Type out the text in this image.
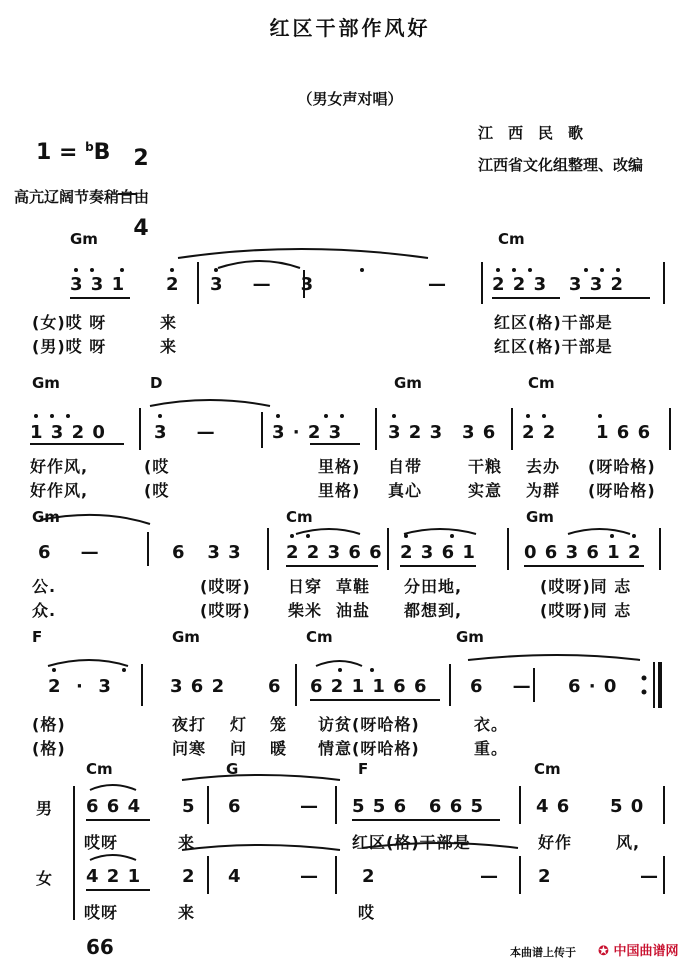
红区干部作风好
（男女声对唱）
1 = $^b$B	2

4

江　西　民　歌
江西省文化组整理、改编
高亢辽阔节奏稍自由
Gm	Cm
3 3 1 2 3    —    3	—	2 2 3   3 3 2
(女)哎 呀	来	红区(格)干部是
(男)哎 呀	来	红区(格)干部是
Gm	D	Gm	Cm
1 3 2 0	3    —	3 · 2 3	3 2 3 3 6 2 2 1 6 6
好作风,	(哎	里格) 自带	干粮 去办 (呀哈格)
好作风,	(哎	里格) 真心	实意 为群 (呀哈格)
Gm	Cm	Gm
6    —	6   3 3 2 2 3 6 6 2 3 6 1	0 6 3 6 1 2
公.	(哎呀) 日穿 草鞋 分田地,	(哎呀)同 志
众.	(哎呀) 柴米 油盐 都想到,	(哎呀)同 志
F	Gm	Cm	Gm
2  ·  3	3 6 2 6 6 2 1 1 6 6 6    — 6 · 0
(格)	夜打 灯 笼 访贫(呀哈格)	衣。
(格)	问寒 问 暖 情意(呀哈格)	重。
Cm	G	F	Cm
男
女
6 6 4 5 6	— 5 5 6   6 6 5	4 6 5 0
哎呀	来	红区(格)干部是	好作	风,
4 2 1 2 4	— 2	— 2	—
哎呀	来	哎
66	本曲谱上传于 ✪ 中国曲谱网
